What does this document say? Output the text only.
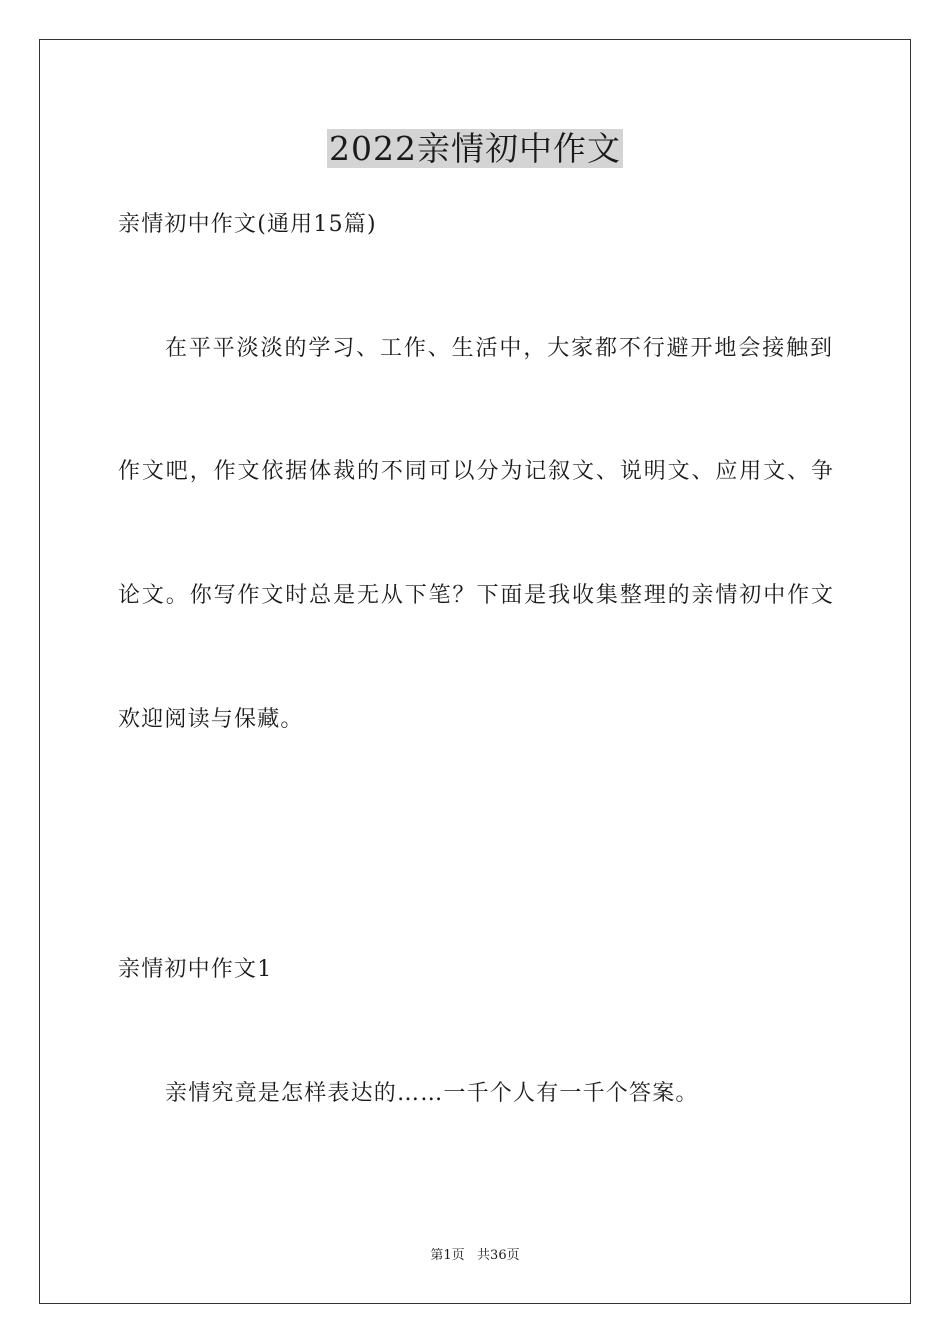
2022亲情初中作文
亲情初中作文(通用15篇)
在平平淡淡的学习、工作、生活中，大家都不行避开地会接触到
作文吧，作文依据体裁的不同可以分为记叙文、说明文、应用文、争
论文。你写作文时总是无从下笔？下面是我收集整理的亲情初中作文
欢迎阅读与保藏。
亲情初中作文1
亲情究竟是怎样表达的……一千个人有一千个答案。
第1页   共36页
